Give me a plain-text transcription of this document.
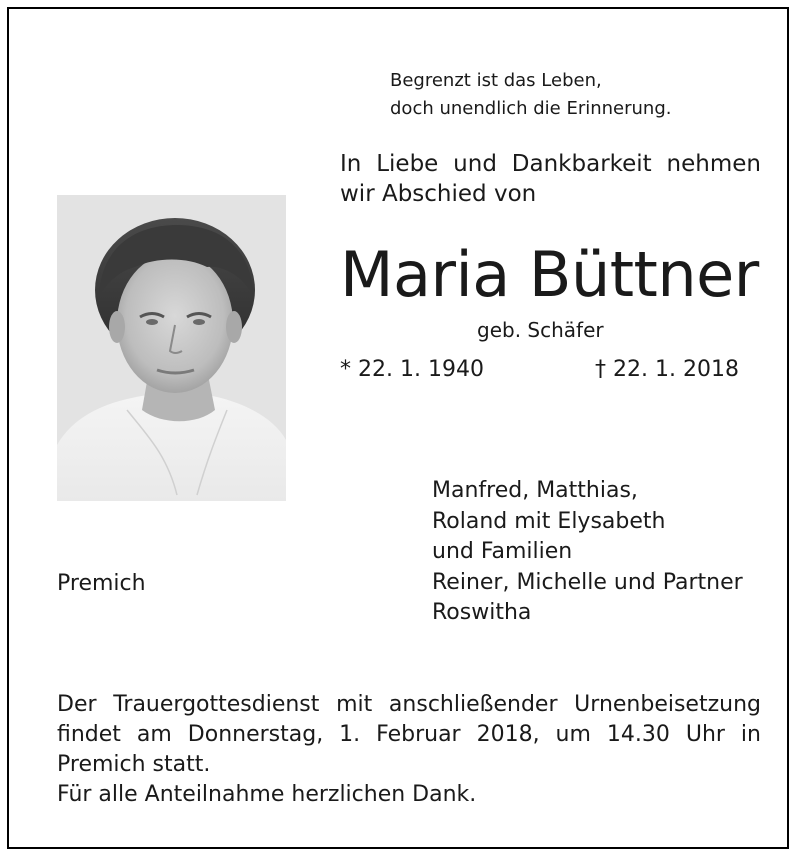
Begrenzt ist das Leben,
doch unendlich die Erinnerung.
In Liebe und Dankbarkeit nehmen
wir Abschied von
Maria Büttner
geb. Schäfer
* 22. 1. 1940	† 22. 1. 2018
Manfred, Matthias,
Roland mit Elysabeth
und Familien
Reiner, Michelle und Partner
Roswitha
Premich
Der Trauergottesdienst mit anschließender Urnenbeisetzung
findet am Donnerstag, 1. Februar 2018, um 14.30 Uhr in
Premich statt.
Für alle Anteilnahme herzlichen Dank.
